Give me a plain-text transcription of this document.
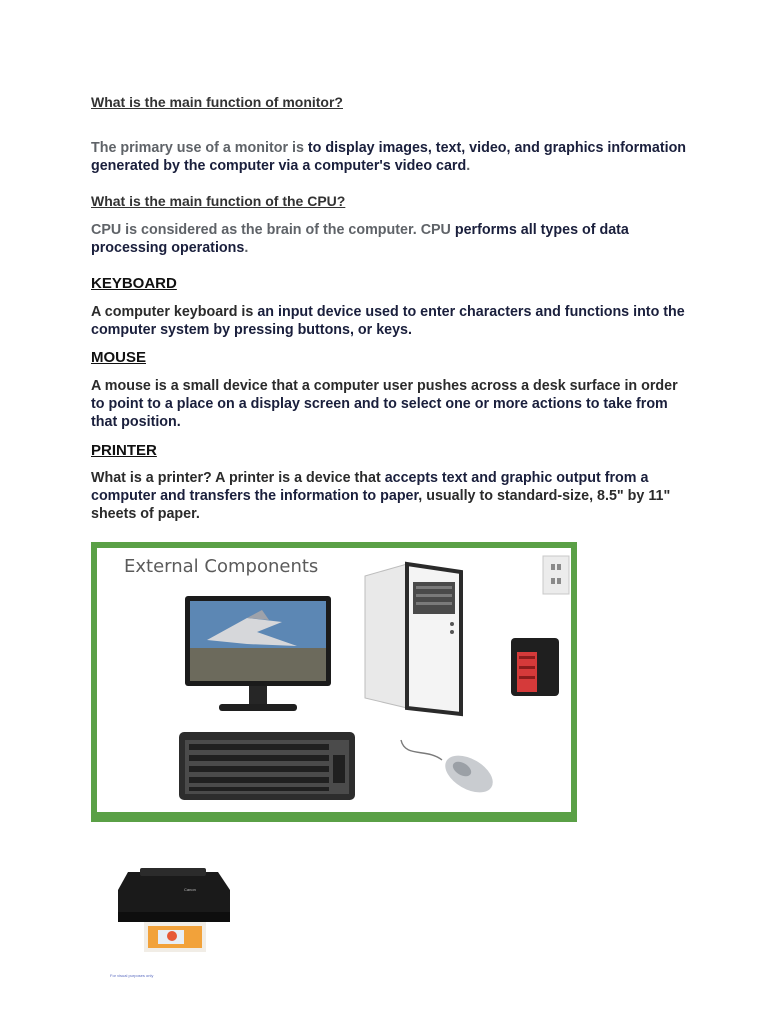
What is the main function of monitor?
The primary use of a monitor is to display images, text, video, and graphics information generated by the computer via a computer's video card.
What is the main function of the CPU?
CPU is considered as the brain of the computer. CPU performs all types of data processing operations.
KEYBOARD
A computer keyboard is an input device used to enter characters and functions into the computer system by pressing buttons, or keys.
MOUSE
A mouse is a small device that a computer user pushes across a desk surface in order to point to a place on a display screen and to select one or more actions to take from that position.
PRINTER
What is a printer? A printer is a device that accepts text and graphic output from a computer and transfers the information to paper, usually to standard-size, 8.5" by 11" sheets of paper.
External Components
Canon
For visual purposes only
